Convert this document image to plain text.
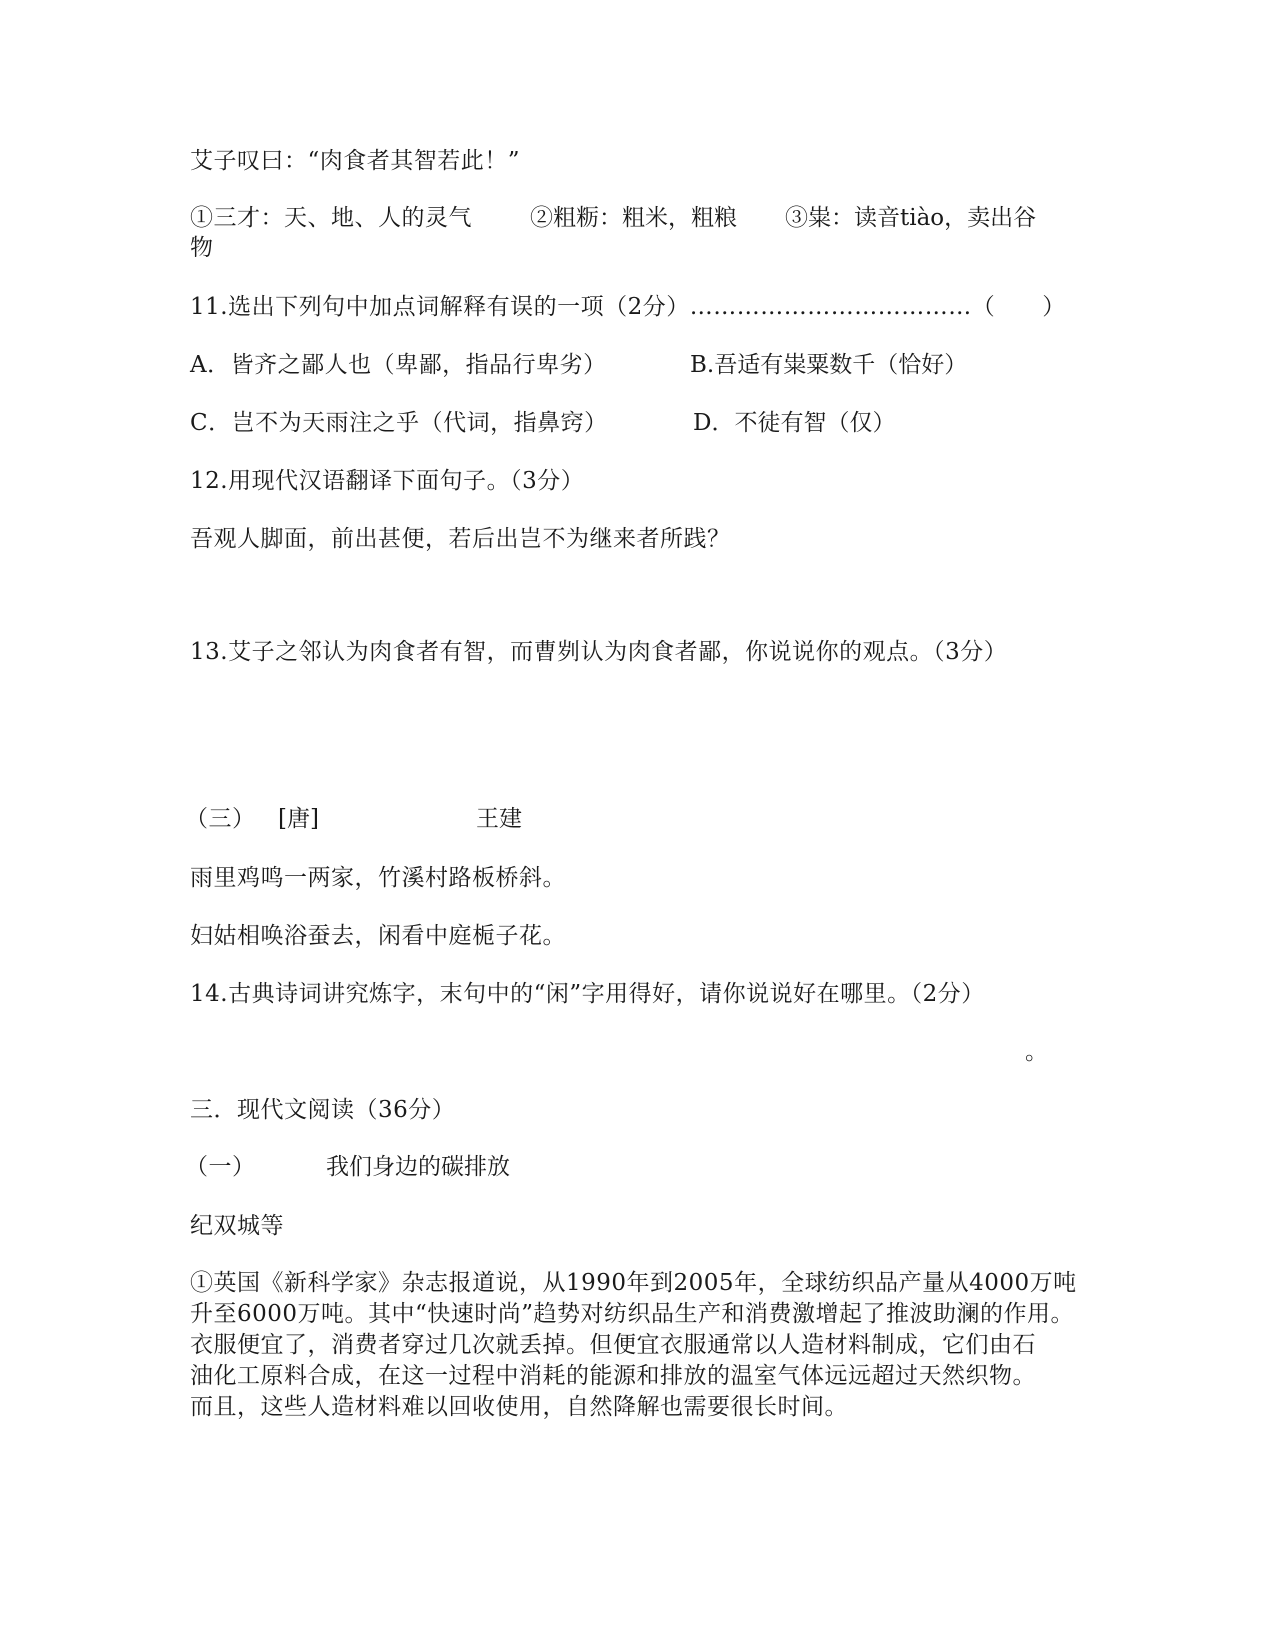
艾子叹曰：“肉食者其智若此！”
①三才：天、地、人的灵气	②粗粝：粗米，粗粮 ③粜：读音tiào，卖出谷
物
11.选出下列句中加点词解释有误的一项（2分）………………………………（　　）
A．皆齐之鄙人也（卑鄙，指品行卑劣）	B.吾适有粜粟数千（恰好）
C．岂不为天雨注之乎（代词，指鼻窍）	D．不徒有智（仅）
12.用现代汉语翻译下面句子。（3分）
吾观人脚面，前出甚便，若后出岂不为继来者所践？
13.艾子之邻认为肉食者有智，而曹刿认为肉食者鄙，你说说你的观点。（3分）
（三） [唐]	王建
雨里鸡鸣一两家，竹溪村路板桥斜。
妇姑相唤浴蚕去，闲看中庭栀子花。
14.古典诗词讲究炼字，末句中的“闲”字用得好，请你说说好在哪里。（2分）
。
三．现代文阅读（36分）
（一）	我们身边的碳排放
纪双城等
①英国《新科学家》杂志报道说，从1990年到2005年，全球纺织品产量从4000万吨
升至6000万吨。其中“快速时尚”趋势对纺织品生产和消费激增起了推波助澜的作用。
衣服便宜了，消费者穿过几次就丢掉。但便宜衣服通常以人造材料制成，它们由石
油化工原料合成，在这一过程中消耗的能源和排放的温室气体远远超过天然织物。
而且，这些人造材料难以回收使用，自然降解也需要很长时间。
